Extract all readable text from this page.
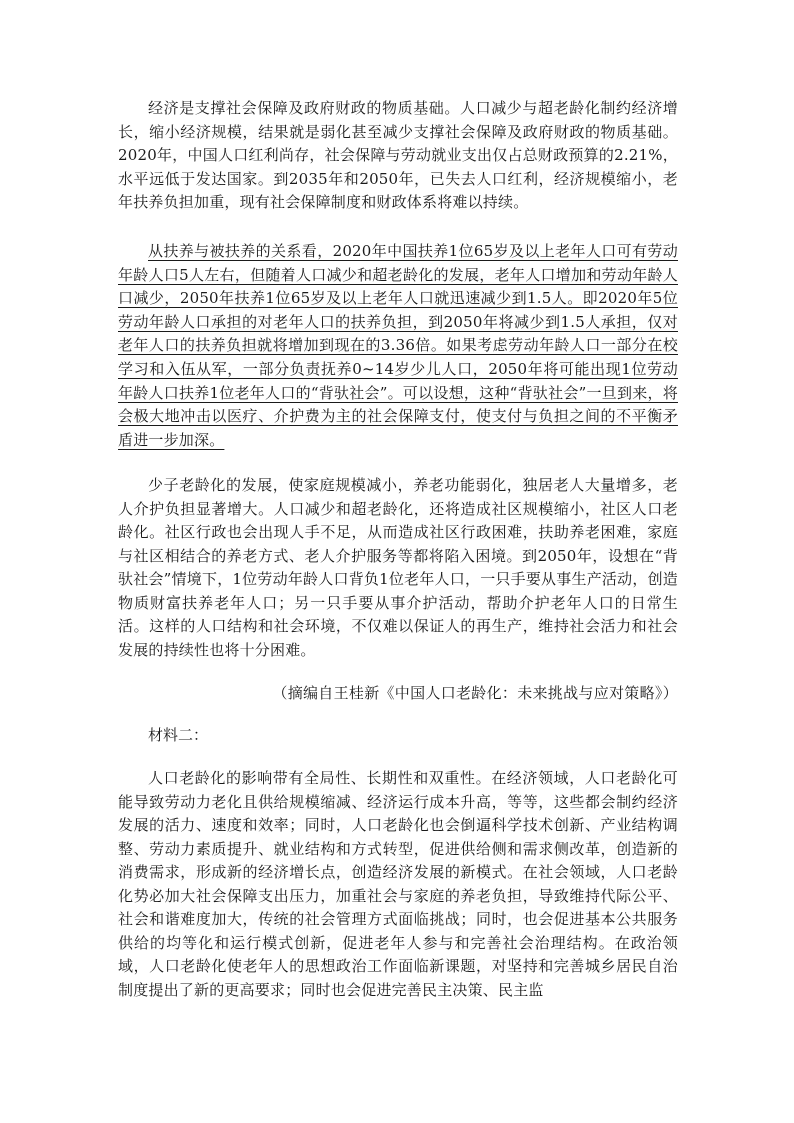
经济是支撑社会保障及政府财政的物质基础。人口减少与超老龄化制约经济增长，缩小经济规模，结果就是弱化甚至减少支撑社会保障及政府财政的物质基础。2020年，中国人口红利尚存，社会保障与劳动就业支出仅占总财政预算的2.21%，水平远低于发达国家。到2035年和2050年，已失去人口红利，经济规模缩小，老年扶养负担加重，现有社会保障制度和财政体系将难以持续。

从扶养与被扶养的关系看，2020年中国扶养1位65岁及以上老年人口可有劳动年龄人口5人左右，但随着人口减少和超老龄化的发展，老年人口增加和劳动年龄人口减少，2050年扶养1位65岁及以上老年人口就迅速减少到1.5人。即2020年5位劳动年龄人口承担的对老年人口的扶养负担，到2050年将减少到1.5人承担，仅对老年人口的扶养负担就将增加到现在的3.36倍。如果考虑劳动年龄人口一部分在校学习和入伍从军，一部分负责抚养0~14岁少儿人口，2050年将可能出现1位劳动年龄人口扶养1位老年人口的“背驮社会”。可以设想，这种“背驮社会”一旦到来，将会极大地冲击以医疗、介护费为主的社会保障支付，使支付与负担之间的不平衡矛盾进一步加深。

少子老龄化的发展，使家庭规模减小，养老功能弱化，独居老人大量增多，老人介护负担显著增大。人口减少和超老龄化，还将造成社区规模缩小，社区人口老龄化。社区行政也会出现人手不足，从而造成社区行政困难，扶助养老困难，家庭与社区相结合的养老方式、老人介护服务等都将陷入困境。到2050年，设想在“背驮社会”情境下，1位劳动年龄人口背负1位老年人口，一只手要从事生产活动，创造物质财富扶养老年人口；另一只手要从事介护活动，帮助介护老年人口的日常生活。这样的人口结构和社会环境，不仅难以保证人的再生产，维持社会活力和社会发展的持续性也将十分困难。

（摘编自王桂新《中国人口老龄化：未来挑战与应对策略》）

材料二：

人口老龄化的影响带有全局性、长期性和双重性。在经济领域，人口老龄化可能导致劳动力老化且供给规模缩减、经济运行成本升高，等等，这些都会制约经济发展的活力、速度和效率；同时，人口老龄化也会倒逼科学技术创新、产业结构调整、劳动力素质提升、就业结构和方式转型，促进供给侧和需求侧改革，创造新的消费需求，形成新的经济增长点，创造经济发展的新模式。在社会领域，人口老龄化势必加大社会保障支出压力，加重社会与家庭的养老负担，导致维持代际公平、社会和谐难度加大，传统的社会管理方式面临挑战；同时，也会促进基本公共服务供给的均等化和运行模式创新，促进老年人参与和完善社会治理结构。在政治领域，人口老龄化使老年人的思想政治工作面临新课题，对坚持和完善城乡居民自治制度提出了新的更高要求；同时也会促进完善民主决策、民主监
